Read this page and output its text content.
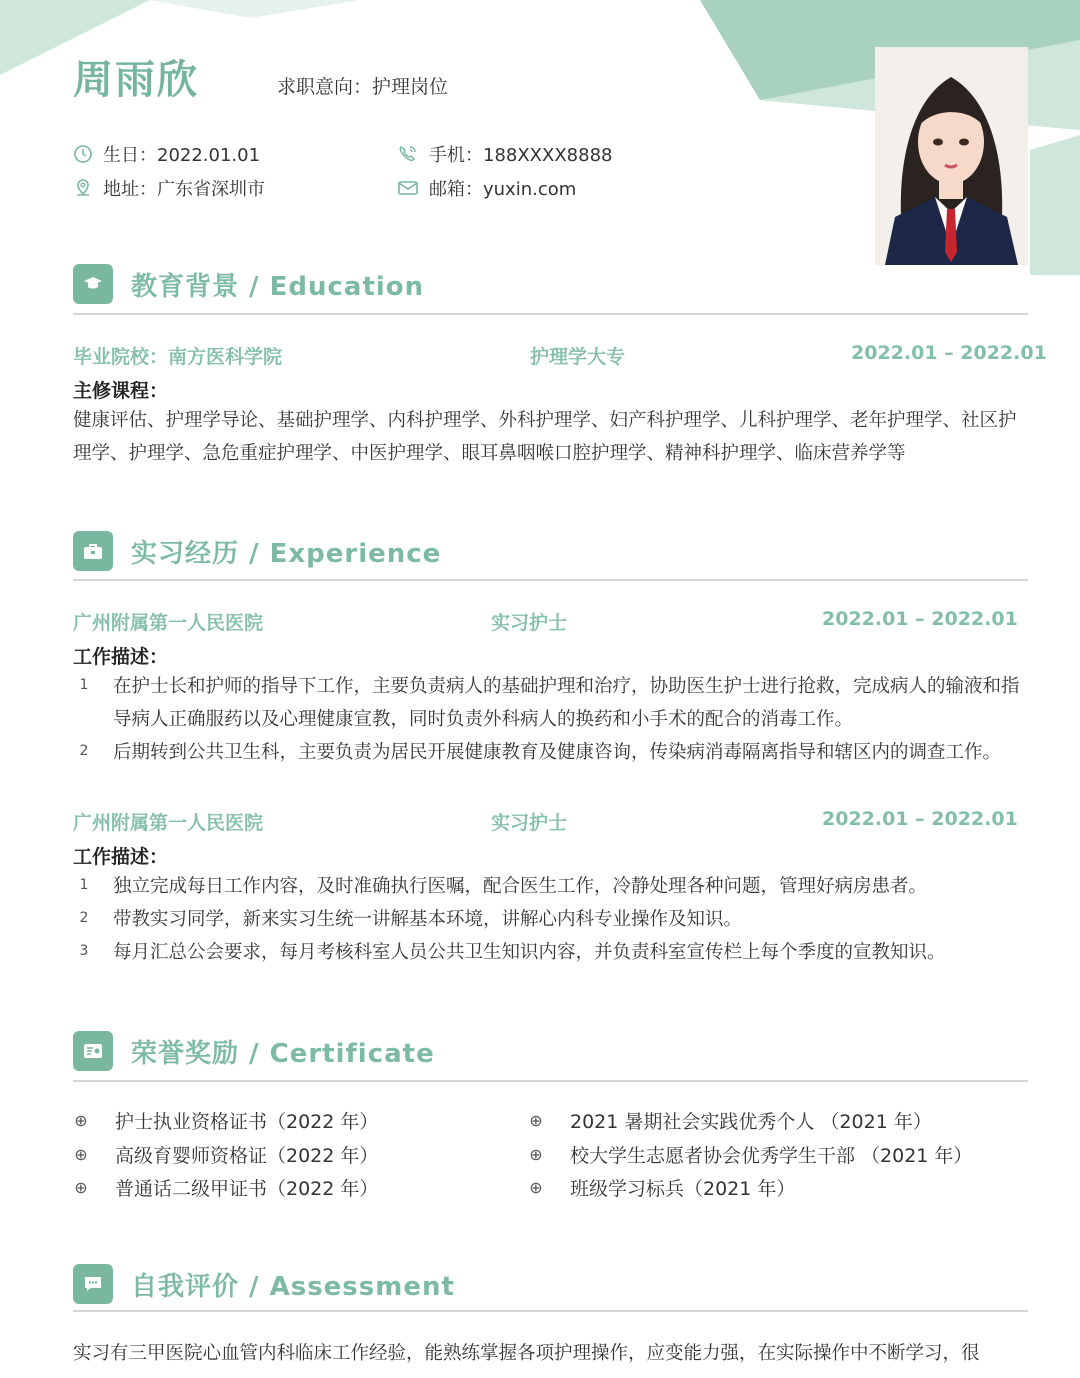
周雨欣	求职意向：护理岗位
生日：2022.01.01
地址：广东省深圳市
手机：188XXXX8888
邮箱：yuxin.com
教育背景 / Education
毕业院校：南方医科学院	护理学大专	2022.01 – 2022.01
主修课程：
健康评估、护理学导论、基础护理学、内科护理学、外科护理学、妇产科护理学、儿科护理学、老年护理学、社区护理学、护理学、急危重症护理学、中医护理学、眼耳鼻咽喉口腔护理学、精神科护理学、临床营养学等
实习经历 / Experience
广州附属第一人民医院	实习护士	2022.01 – 2022.01
工作描述：
1	在护士长和护师的指导下工作，主要负责病人的基础护理和治疗，协助医生护士进行抢救，完成病人的输液和指导病人正确服药以及心理健康宣教，同时负责外科病人的换药和小手术的配合的消毒工作。
2	后期转到公共卫生科，主要负责为居民开展健康教育及健康咨询，传染病消毒隔离指导和辖区内的调查工作。
广州附属第一人民医院	实习护士	2022.01 – 2022.01
工作描述：
1	独立完成每日工作内容，及时准确执行医嘱，配合医生工作，冷静处理各种问题，管理好病房患者。
2	带教实习同学，新来实习生统一讲解基本环境，讲解心内科专业操作及知识。
3	每月汇总公会要求，每月考核科室人员公共卫生知识内容，并负责科室宣传栏上每个季度的宣教知识。
荣誉奖励 / Certificate
⊕ 护士执业资格证书（2022 年）
⊕ 高级育婴师资格证（2022 年）
⊕ 普通话二级甲证书（2022 年）
⊕ 2021 暑期社会实践优秀个人 （2021 年）
⊕ 校大学生志愿者协会优秀学生干部 （2021 年）
⊕ 班级学习标兵（2021 年）
自我评价 / Assessment
实习有三甲医院心血管内科临床工作经验，能熟练掌握各项护理操作，应变能力强，在实际操作中不断学习，很
